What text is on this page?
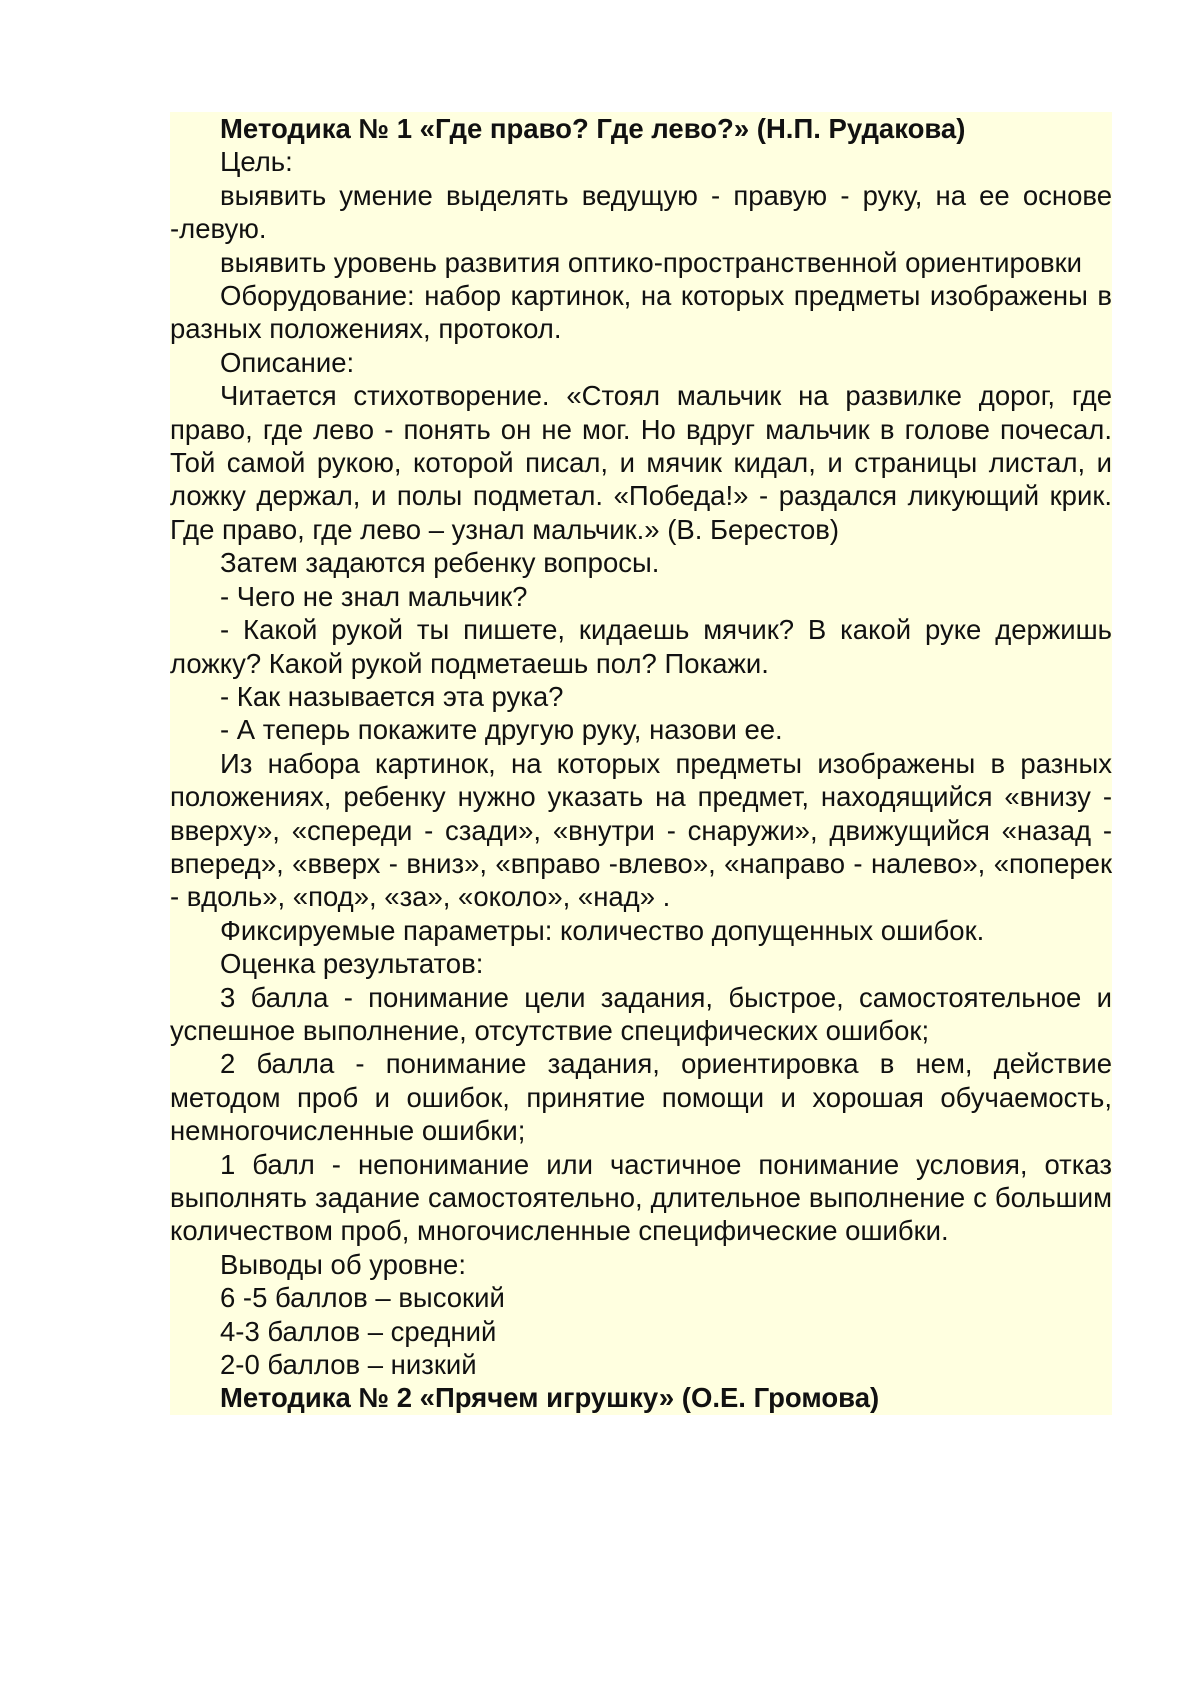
Методика № 1 «Где право? Где лево?» (Н.П. Рудакова)

Цель:

выявить умение выделять ведущую - правую - руку, на ее основе -левую.

выявить уровень развития оптико-пространственной ориентировки

Оборудование: набор картинок, на которых предметы изображены в разных положениях, протокол.

Описание:

Читается стихотворение. «Стоял мальчик на развилке дорог, где право, где лево - понять он не мог. Но вдруг мальчик в голове почесал. Той самой рукою, которой писал, и мячик кидал, и страницы листал, и ложку держал, и полы подметал. «Победа!» - раздался ликующий крик. Где право, где лево – узнал мальчик.» (В. Берестов)

Затем задаются ребенку вопросы.

- Чего не знал мальчик?

- Какой рукой ты пишете, кидаешь мячик? В какой руке держишь ложку? Какой рукой подметаешь пол? Покажи.

- Как называется эта рука?

- А теперь покажите другую руку, назови ее.

Из набора картинок, на которых предметы изображены в разных положениях, ребенку нужно указать на предмет, находящийся «внизу - вверху», «спереди - сзади», «внутри - снаружи», движущийся «назад - вперед», «вверх - вниз», «вправо -влево», «направо - налево», «поперек - вдоль», «под», «за», «около», «над» .

Фиксируемые параметры: количество допущенных ошибок.

Оценка результатов:

3 балла - понимание цели задания, быстрое, самостоятельное и успешное выполнение, отсутствие специфических ошибок;

2 балла - понимание задания, ориентировка в нем, действие методом проб и ошибок, принятие помощи и хорошая обучаемость, немногочисленные ошибки;

1 балл - непонимание или частичное понимание условия, отказ выполнять задание самостоятельно, длительное выполнение с большим количеством проб, многочисленные специфические ошибки.

Выводы об уровне:

6 -5 баллов – высокий

4-3 баллов – средний

2-0 баллов – низкий

Методика № 2 «Прячем игрушку» (О.Е. Громова)
